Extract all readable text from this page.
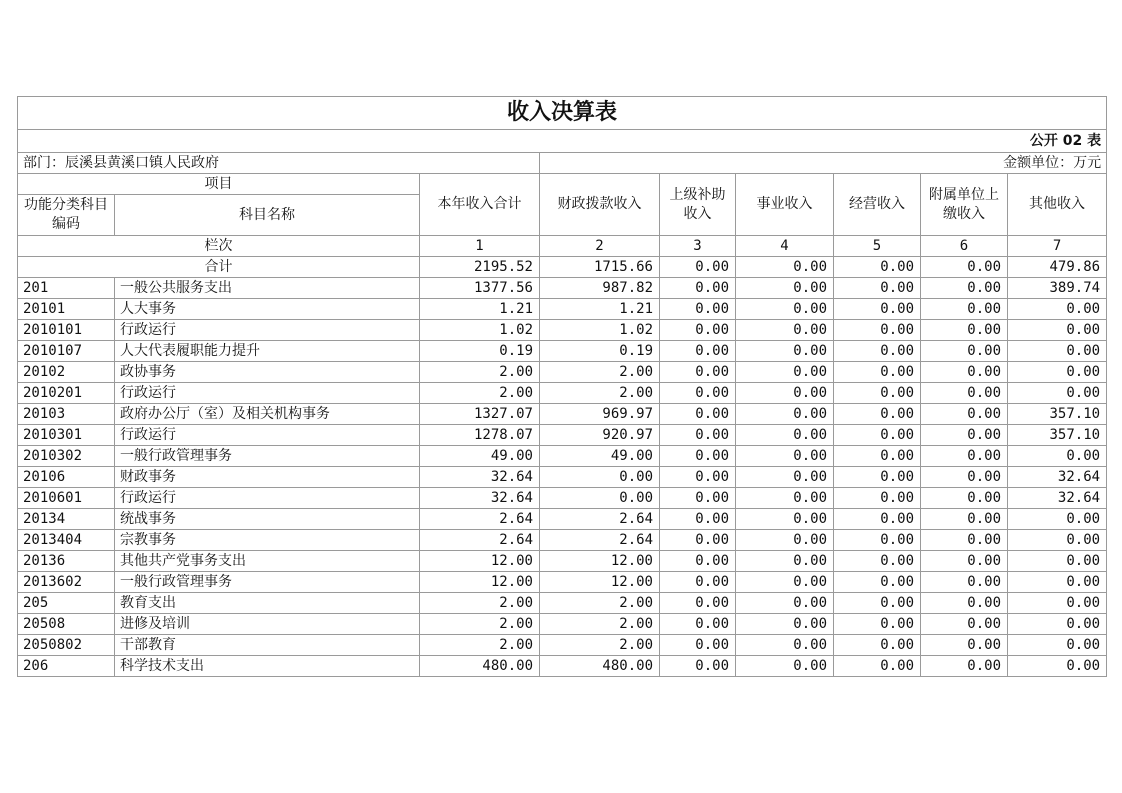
收入决算表								
公开 02 表								
部门：辰溪县黄溪口镇人民政府			金额单位：万元					
项目		本年收入合计	财政拨款收入	上级补助收入	事业收入	经营收入	附属单位上缴收入	其他收入
功能分类科目编码	科目名称							
栏次		1	2	3	4	5	6	7
合计		2195.52	1715.66	0.00	0.00	0.00	0.00	479.86
201	一般公共服务支出	1377.56	987.82	0.00	0.00	0.00	0.00	389.74
20101	人大事务	1.21	1.21	0.00	0.00	0.00	0.00	0.00
2010101	行政运行	1.02	1.02	0.00	0.00	0.00	0.00	0.00
2010107	人大代表履职能力提升	0.19	0.19	0.00	0.00	0.00	0.00	0.00
20102	政协事务	2.00	2.00	0.00	0.00	0.00	0.00	0.00
2010201	行政运行	2.00	2.00	0.00	0.00	0.00	0.00	0.00
20103	政府办公厅（室）及相关机构事务	1327.07	969.97	0.00	0.00	0.00	0.00	357.10
2010301	行政运行	1278.07	920.97	0.00	0.00	0.00	0.00	357.10
2010302	一般行政管理事务	49.00	49.00	0.00	0.00	0.00	0.00	0.00
20106	财政事务	32.64	0.00	0.00	0.00	0.00	0.00	32.64
2010601	行政运行	32.64	0.00	0.00	0.00	0.00	0.00	32.64
20134	统战事务	2.64	2.64	0.00	0.00	0.00	0.00	0.00
2013404	宗教事务	2.64	2.64	0.00	0.00	0.00	0.00	0.00
20136	其他共产党事务支出	12.00	12.00	0.00	0.00	0.00	0.00	0.00
2013602	一般行政管理事务	12.00	12.00	0.00	0.00	0.00	0.00	0.00
205	教育支出	2.00	2.00	0.00	0.00	0.00	0.00	0.00
20508	进修及培训	2.00	2.00	0.00	0.00	0.00	0.00	0.00
2050802	干部教育	2.00	2.00	0.00	0.00	0.00	0.00	0.00
206	科学技术支出	480.00	480.00	0.00	0.00	0.00	0.00	0.00
